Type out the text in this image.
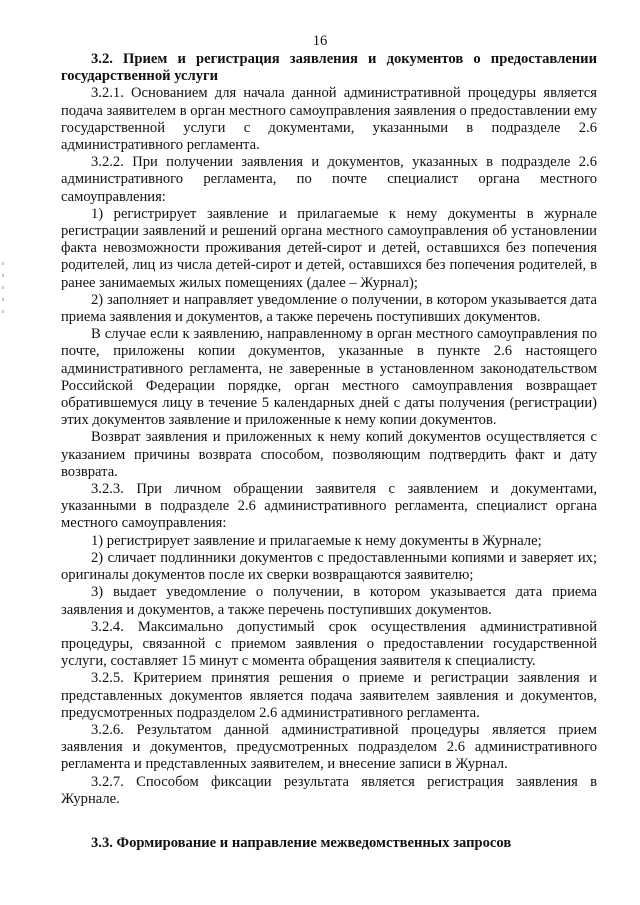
16

3.2. Прием и регистрация заявления и документов о предоставлении государственной услуги

3.2.1. Основанием для начала данной административной процедуры является подача заявителем в орган местного самоуправления заявления о предоставлении ему государственной услуги с документами, указанными в подразделе 2.6 административного регламента.

3.2.2. При получении заявления и документов, указанных в подразделе 2.6 административного регламента, по почте специалист органа местного самоуправления:

1) регистрирует заявление и прилагаемые к нему документы в журнале регистрации заявлений и решений органа местного самоуправления об установлении факта невозможности проживания детей-сирот и детей, оставшихся без попечения родителей, лиц из числа детей-сирот и детей, оставшихся без попечения родителей, в ранее занимаемых жилых помещениях (далее – Журнал);

2) заполняет и направляет уведомление о получении, в котором указывается дата приема заявления и документов, а также перечень поступивших документов.

В случае если к заявлению, направленному в орган местного самоуправления по почте, приложены копии документов, указанные в пункте 2.6 настоящего административного регламента, не заверенные в установленном законодательством Российской Федерации порядке, орган местного самоуправления возвращает обратившемуся лицу в течение 5 календарных дней с даты получения (регистрации) этих документов заявление и приложенные к нему копии документов.

Возврат заявления и приложенных к нему копий документов осуществляется с указанием причины возврата способом, позволяющим подтвердить факт и дату возврата.

3.2.3. При личном обращении заявителя с заявлением и документами, указанными в подразделе 2.6 административного регламента, специалист органа местного самоуправления:

1) регистрирует заявление и прилагаемые к нему документы в Журнале;

2) сличает подлинники документов с предоставленными копиями и заверяет их; оригиналы документов после их сверки возвращаются заявителю;

3) выдает уведомление о получении, в котором указывается дата приема заявления и документов, а также перечень поступивших документов.

3.2.4. Максимально допустимый срок осуществления административной процедуры, связанной с приемом заявления о предоставлении государственной услуги, составляет 15 минут с момента обращения заявителя к специалисту.

3.2.5. Критерием принятия решения о приеме и регистрации заявления и представленных документов является подача заявителем заявления и документов, предусмотренных подразделом 2.6 административного регламента.

3.2.6. Результатом данной административной процедуры является прием заявления и документов, предусмотренных подразделом 2.6 административного регламента и представленных заявителем, и внесение записи в Журнал.

3.2.7. Способом фиксации результата является регистрация заявления в Журнале.

3.3. Формирование и направление межведомственных запросов
